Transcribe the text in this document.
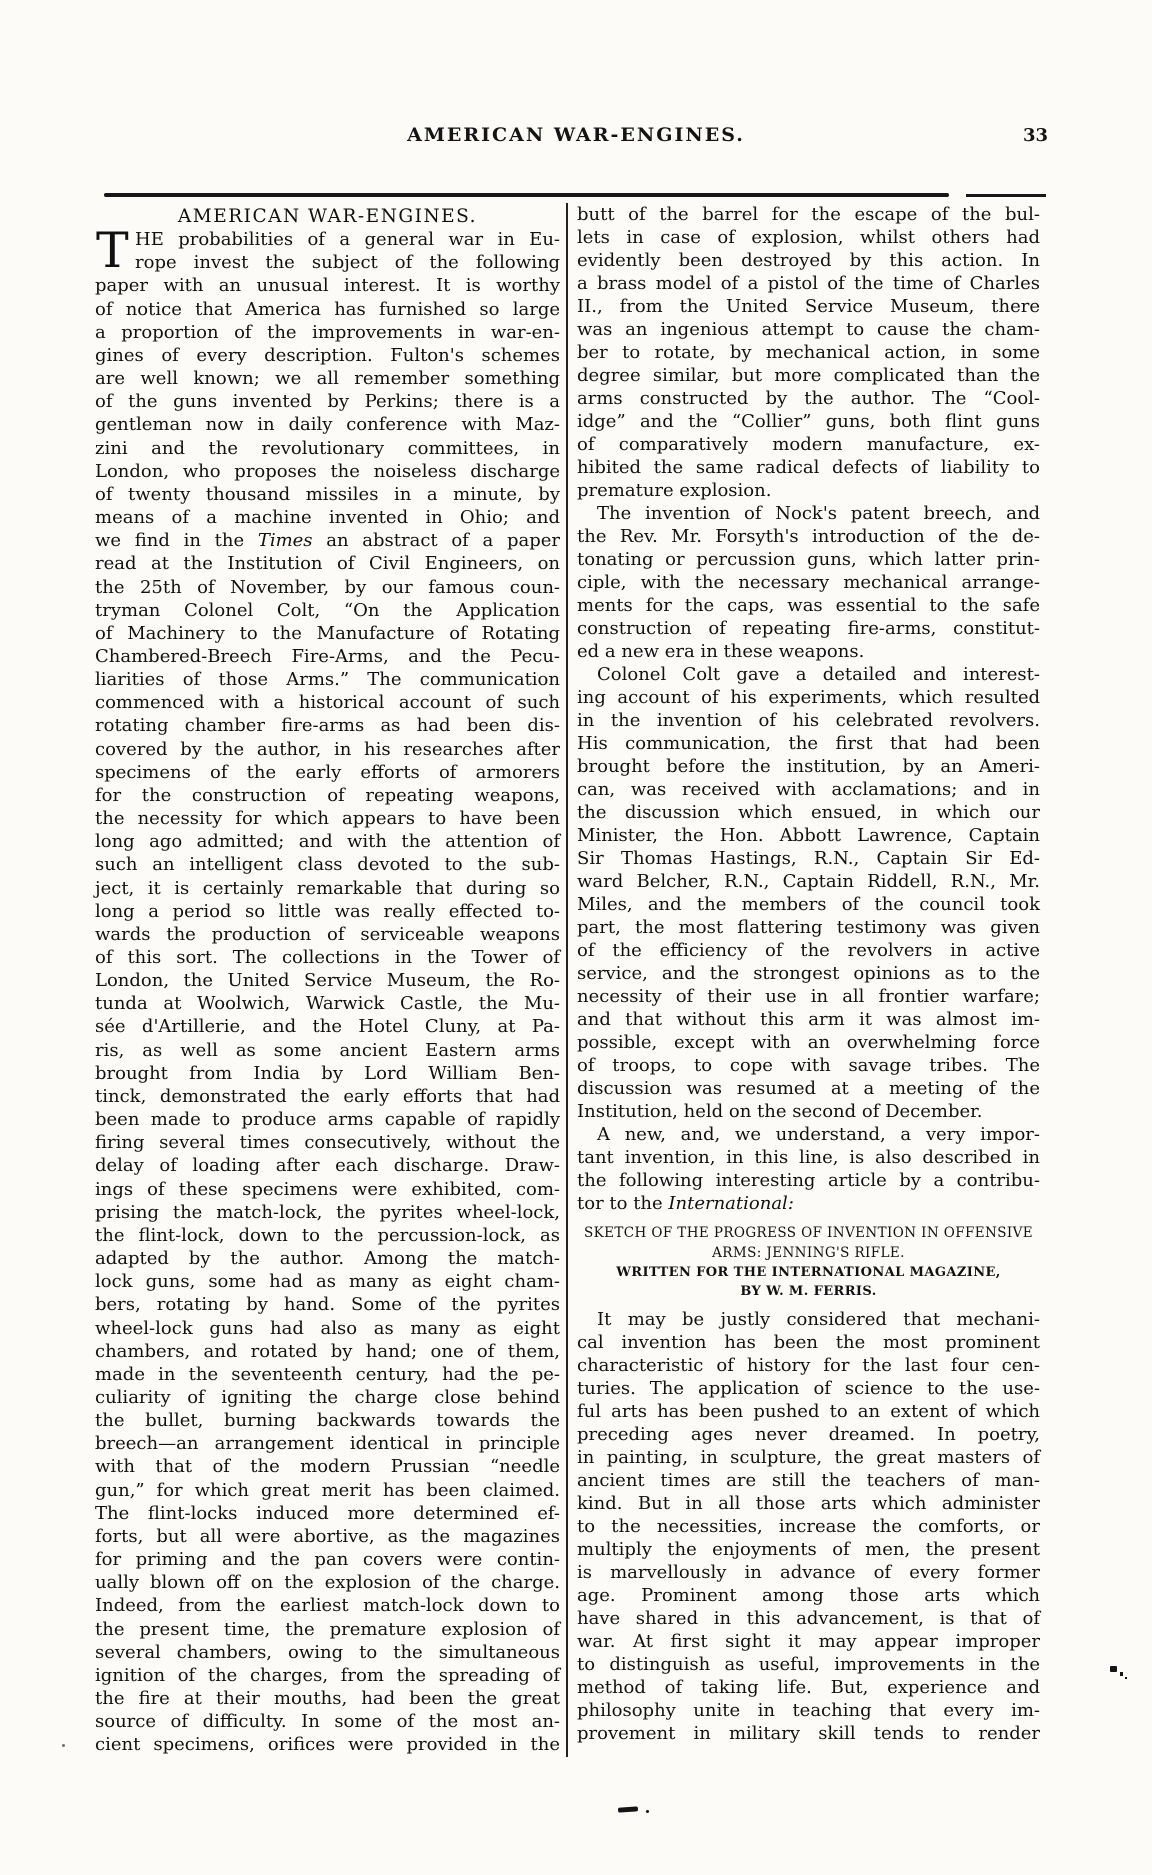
AMERICAN WAR-ENGINES.	33
AMERICAN WAR-ENGINES.
T HE probabilities of a general war in Eu-
rope invest the subject of the following
paper with an unusual interest. It is worthy
of notice that America has furnished so large
a proportion of the improvements in war-en-
gines of every description. Fulton's schemes
are well known; we all remember something
of the guns invented by Perkins; there is a
gentleman now in daily conference with Maz-
zini and the revolutionary committees, in
London, who proposes the noiseless discharge
of twenty thousand missiles in a minute, by
means of a machine invented in Ohio; and
we find in the Times an abstract of a paper
read at the Institution of Civil Engineers, on
the 25th of November, by our famous coun-
tryman Colonel Colt, “On the Application
of Machinery to the Manufacture of Rotating
Chambered-Breech Fire-Arms, and the Pecu-
liarities of those Arms.” The communication
commenced with a historical account of such
rotating chamber fire-arms as had been dis-
covered by the author, in his researches after
specimens of the early efforts of armorers
for the construction of repeating weapons,
the necessity for which appears to have been
long ago admitted; and with the attention of
such an intelligent class devoted to the sub-
ject, it is certainly remarkable that during so
long a period so little was really effected to-
wards the production of serviceable weapons
of this sort. The collections in the Tower of
London, the United Service Museum, the Ro-
tunda at Woolwich, Warwick Castle, the Mu-
sée d'Artillerie, and the Hotel Cluny, at Pa-
ris, as well as some ancient Eastern arms
brought from India by Lord William Ben-
tinck, demonstrated the early efforts that had
been made to produce arms capable of rapidly
firing several times consecutively, without the
delay of loading after each discharge. Draw-
ings of these specimens were exhibited, com-
prising the match-lock, the pyrites wheel-lock,
the flint-lock, down to the percussion-lock, as
adapted by the author. Among the match-
lock guns, some had as many as eight cham-
bers, rotating by hand. Some of the pyrites
wheel-lock guns had also as many as eight
chambers, and rotated by hand; one of them,
made in the seventeenth century, had the pe-
culiarity of igniting the charge close behind
the bullet, burning backwards towards the
breech—an arrangement identical in principle
with that of the modern Prussian “needle
gun,” for which great merit has been claimed.
The flint-locks induced more determined ef-
forts, but all were abortive, as the magazines
for priming and the pan covers were contin-
ually blown off on the explosion of the charge.
Indeed, from the earliest match-lock down to
the present time, the premature explosion of
several chambers, owing to the simultaneous
ignition of the charges, from the spreading of
the fire at their mouths, had been the great
source of difficulty. In some of the most an-
cient specimens, orifices were provided in the
butt of the barrel for the escape of the bul-
lets in case of explosion, whilst others had
evidently been destroyed by this action. In
a brass model of a pistol of the time of Charles
II., from the United Service Museum, there
was an ingenious attempt to cause the cham-
ber to rotate, by mechanical action, in some
degree similar, but more complicated than the
arms constructed by the author. The “Cool-
idge” and the “Collier” guns, both flint guns
of comparatively modern manufacture, ex-
hibited the same radical defects of liability to
premature explosion.
The invention of Nock's patent breech, and
the Rev. Mr. Forsyth's introduction of the de-
tonating or percussion guns, which latter prin-
ciple, with the necessary mechanical arrange-
ments for the caps, was essential to the safe
construction of repeating fire-arms, constitut-
ed a new era in these weapons.
Colonel Colt gave a detailed and interest-
ing account of his experiments, which resulted
in the invention of his celebrated revolvers.
His communication, the first that had been
brought before the institution, by an Ameri-
can, was received with acclamations; and in
the discussion which ensued, in which our
Minister, the Hon. Abbott Lawrence, Captain
Sir Thomas Hastings, R.N., Captain Sir Ed-
ward Belcher, R.N., Captain Riddell, R.N., Mr.
Miles, and the members of the council took
part, the most flattering testimony was given
of the efficiency of the revolvers in active
service, and the strongest opinions as to the
necessity of their use in all frontier warfare;
and that without this arm it was almost im-
possible, except with an overwhelming force
of troops, to cope with savage tribes. The
discussion was resumed at a meeting of the
Institution, held on the second of December.
A new, and, we understand, a very impor-
tant invention, in this line, is also described in
the following interesting article by a contribu-
tor to the International:
SKETCH OF THE PROGRESS OF INVENTION IN OFFENSIVE
ARMS: JENNING'S RIFLE.
WRITTEN FOR THE INTERNATIONAL MAGAZINE,
BY W. M. FERRIS.
It may be justly considered that mechani-
cal invention has been the most prominent
characteristic of history for the last four cen-
turies. The application of science to the use-
ful arts has been pushed to an extent of which
preceding ages never dreamed. In poetry,
in painting, in sculpture, the great masters of
ancient times are still the teachers of man-
kind. But in all those arts which administer
to the necessities, increase the comforts, or
multiply the enjoyments of men, the present
is marvellously in advance of every former
age. Prominent among those arts which
have shared in this advancement, is that of
war. At first sight it may appear improper
to distinguish as useful, improvements in the
method of taking life. But, experience and
philosophy unite in teaching that every im-
provement in military skill tends to render
